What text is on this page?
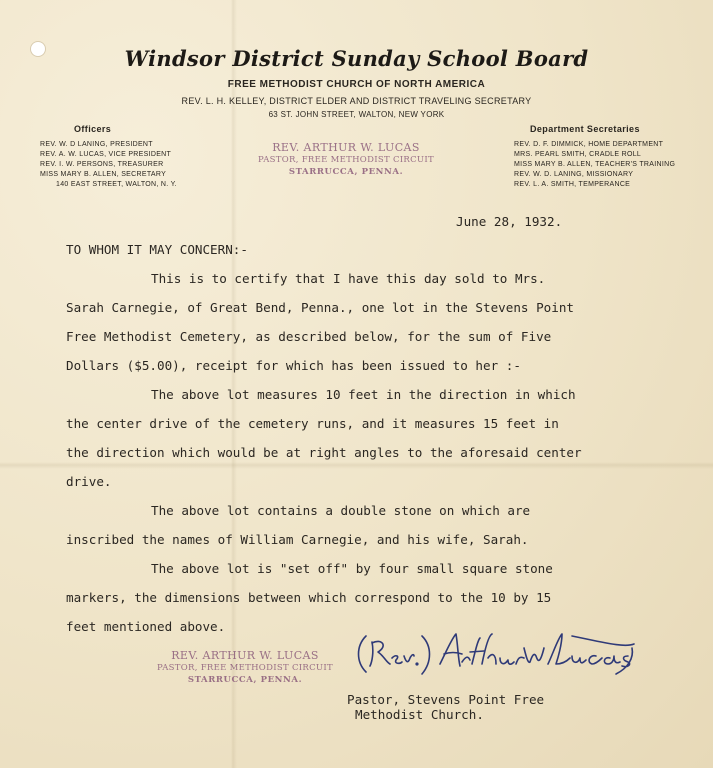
Windsor District Sunday School Board
FREE METHODIST CHURCH OF NORTH AMERICA
REV. L. H. KELLEY, DISTRICT ELDER AND DISTRICT TRAVELING SECRETARY
63 ST. JOHN STREET, WALTON, NEW YORK
Officers
REV. W. D LANING, PRESIDENT
REV. A. W. LUCAS, VICE PRESIDENT
REV. I. W. PERSONS, TREASURER
MISS MARY B. ALLEN, SECRETARY
140 EAST STREET, WALTON, N. Y.
Department Secretaries
REV. D. F. DIMMICK, HOME DEPARTMENT
MRS. PEARL SMITH, CRADLE ROLL
MISS MARY B. ALLEN, TEACHER'S TRAINING
REV. W. D. LANING, MISSIONARY
REV. L. A. SMITH, TEMPERANCE
REV. ARTHUR W. LUCAS
PASTOR, FREE METHODIST CIRCUIT
STARRUCCA, PENNA.
June 28, 1932.
TO WHOM IT MAY CONCERN:-
This is to certify that I have this day sold to Mrs.
Sarah Carnegie, of Great Bend, Penna., one lot in the Stevens Point
Free Methodist Cemetery, as described below, for the sum of Five
Dollars ($5.00), receipt for which has been issued to her :-
The above lot measures 10 feet in the direction in which
the center drive of the cemetery runs, and it measures 15 feet in
the direction which would be at right angles to the aforesaid center
drive.
The above lot contains a double stone on which are
inscribed the names of William Carnegie, and his wife, Sarah.
The above lot is "set off" by four small square stone
markers, the dimensions between which correspond to the 10 by 15
feet mentioned above.
REV. ARTHUR W. LUCAS
PASTOR, FREE METHODIST CIRCUIT
STARRUCCA, PENNA.
Pastor, Stevens Point Free
Methodist Church.
